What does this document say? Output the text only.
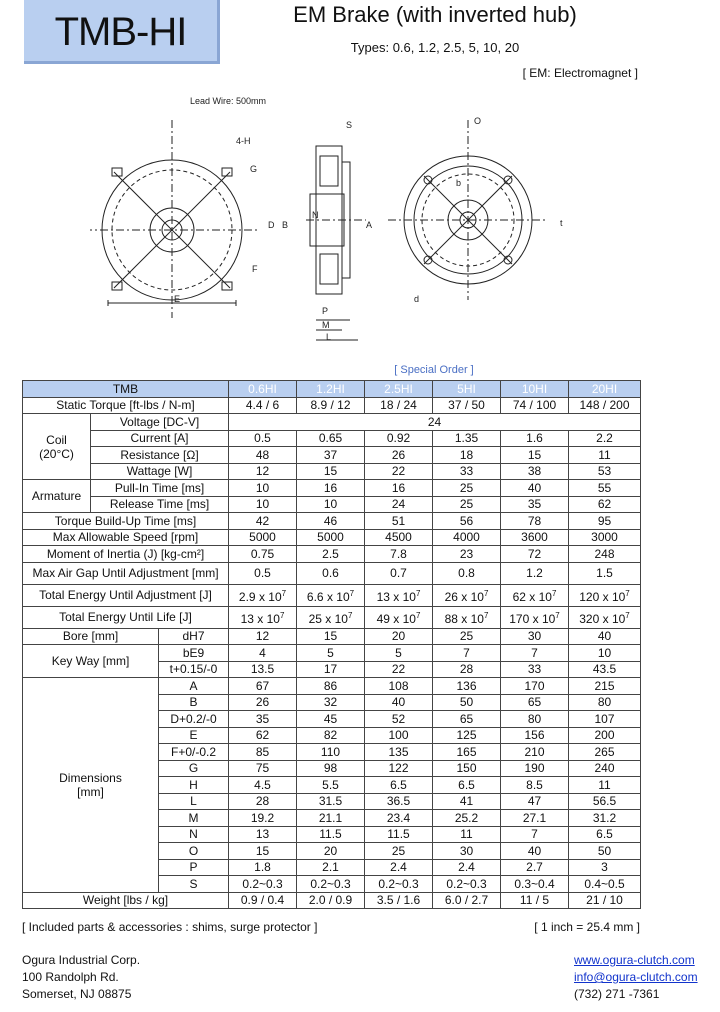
TMB-HI	EM Brake (with inverted hub)
Types: 0.6, 1.2, 2.5, 5, 10, 20
[ EM: Electromagnet ]
Lead Wire: 500mm
4-H
G
F
E
S
N
D B	A
P
M
L
b
t
d
O
[ Special Order ]
TMB			0.6HI	1.2HI	2.5HI	5HI	10HI	20HI
Static Torque [ft-lbs / N-m]			4.4 / 6	8.9 / 12	18 / 24	37 / 50	74 / 100	148 / 200
Coil
(20°C)	Voltage [DC-V]		24					
	Current [A]		0.5	0.65	0.92	1.35	1.6	2.2
	Resistance [Ω]		48	37	26	18	15	11
	Wattage [W]		12	15	22	33	38	53
Armature	Pull-In Time [ms]		10	16	16	25	40	55
	Release Time [ms]		10	10	24	25	35	62
Torque Build-Up Time [ms]			42	46	51	56	78	95
Max Allowable Speed [rpm]			5000	5000	4500	4000	3600	3000
Moment of Inertia (J) [kg-cm²]			0.75	2.5	7.8	23	72	248
Max Air Gap Until Adjustment [mm]			0.5	0.6	0.7	0.8	1.2	1.5
Total Energy Until Adjustment [J]			2.9 x $10^7$	6.6 x $10^7$	13 x $10^7$	26 x $10^7$	62 x $10^7$	120 x $10^7$
Total Energy Until Life [J]			13 x $10^7$	25 x $10^7$	49 x $10^7$	88 x $10^7$	170 x $10^7$	320 x $10^7$
Bore [mm]		dH7	12	15	20	25	30	40
Key Way [mm]		bE9	4	5	5	7	7	10
		t+0.15/-0	13.5	17	22	28	33	43.5
Dimensions
[mm]		A	67	86	108	136	170	215
		B	26	32	40	50	65	80
		D+0.2/-0	35	45	52	65	80	107
		E	62	82	100	125	156	200
		F+0/-0.2	85	110	135	165	210	265
		G	75	98	122	150	190	240
		H	4.5	5.5	6.5	6.5	8.5	11
		L	28	31.5	36.5	41	47	56.5
		M	19.2	21.1	23.4	25.2	27.1	31.2
		N	13	11.5	11.5	11	7	6.5
		O	15	20	25	30	40	50
		P	1.8	2.1	2.4	2.4	2.7	3
		S	0.2~0.3	0.2~0.3	0.2~0.3	0.2~0.3	0.3~0.4	0.4~0.5
Weight [lbs / kg]			0.9 / 0.4	2.0 / 0.9	3.5 / 1.6	6.0 / 2.7	11 / 5	21 / 10
[ Included parts & accessories : shims, surge protector ]	[ 1 inch = 25.4 mm ]
Ogura Industrial Corp.
100 Randolph Rd.
Somerset, NJ 08875
www.ogura-clutch.com
info@ogura-clutch.com
(732) 271 -7361
